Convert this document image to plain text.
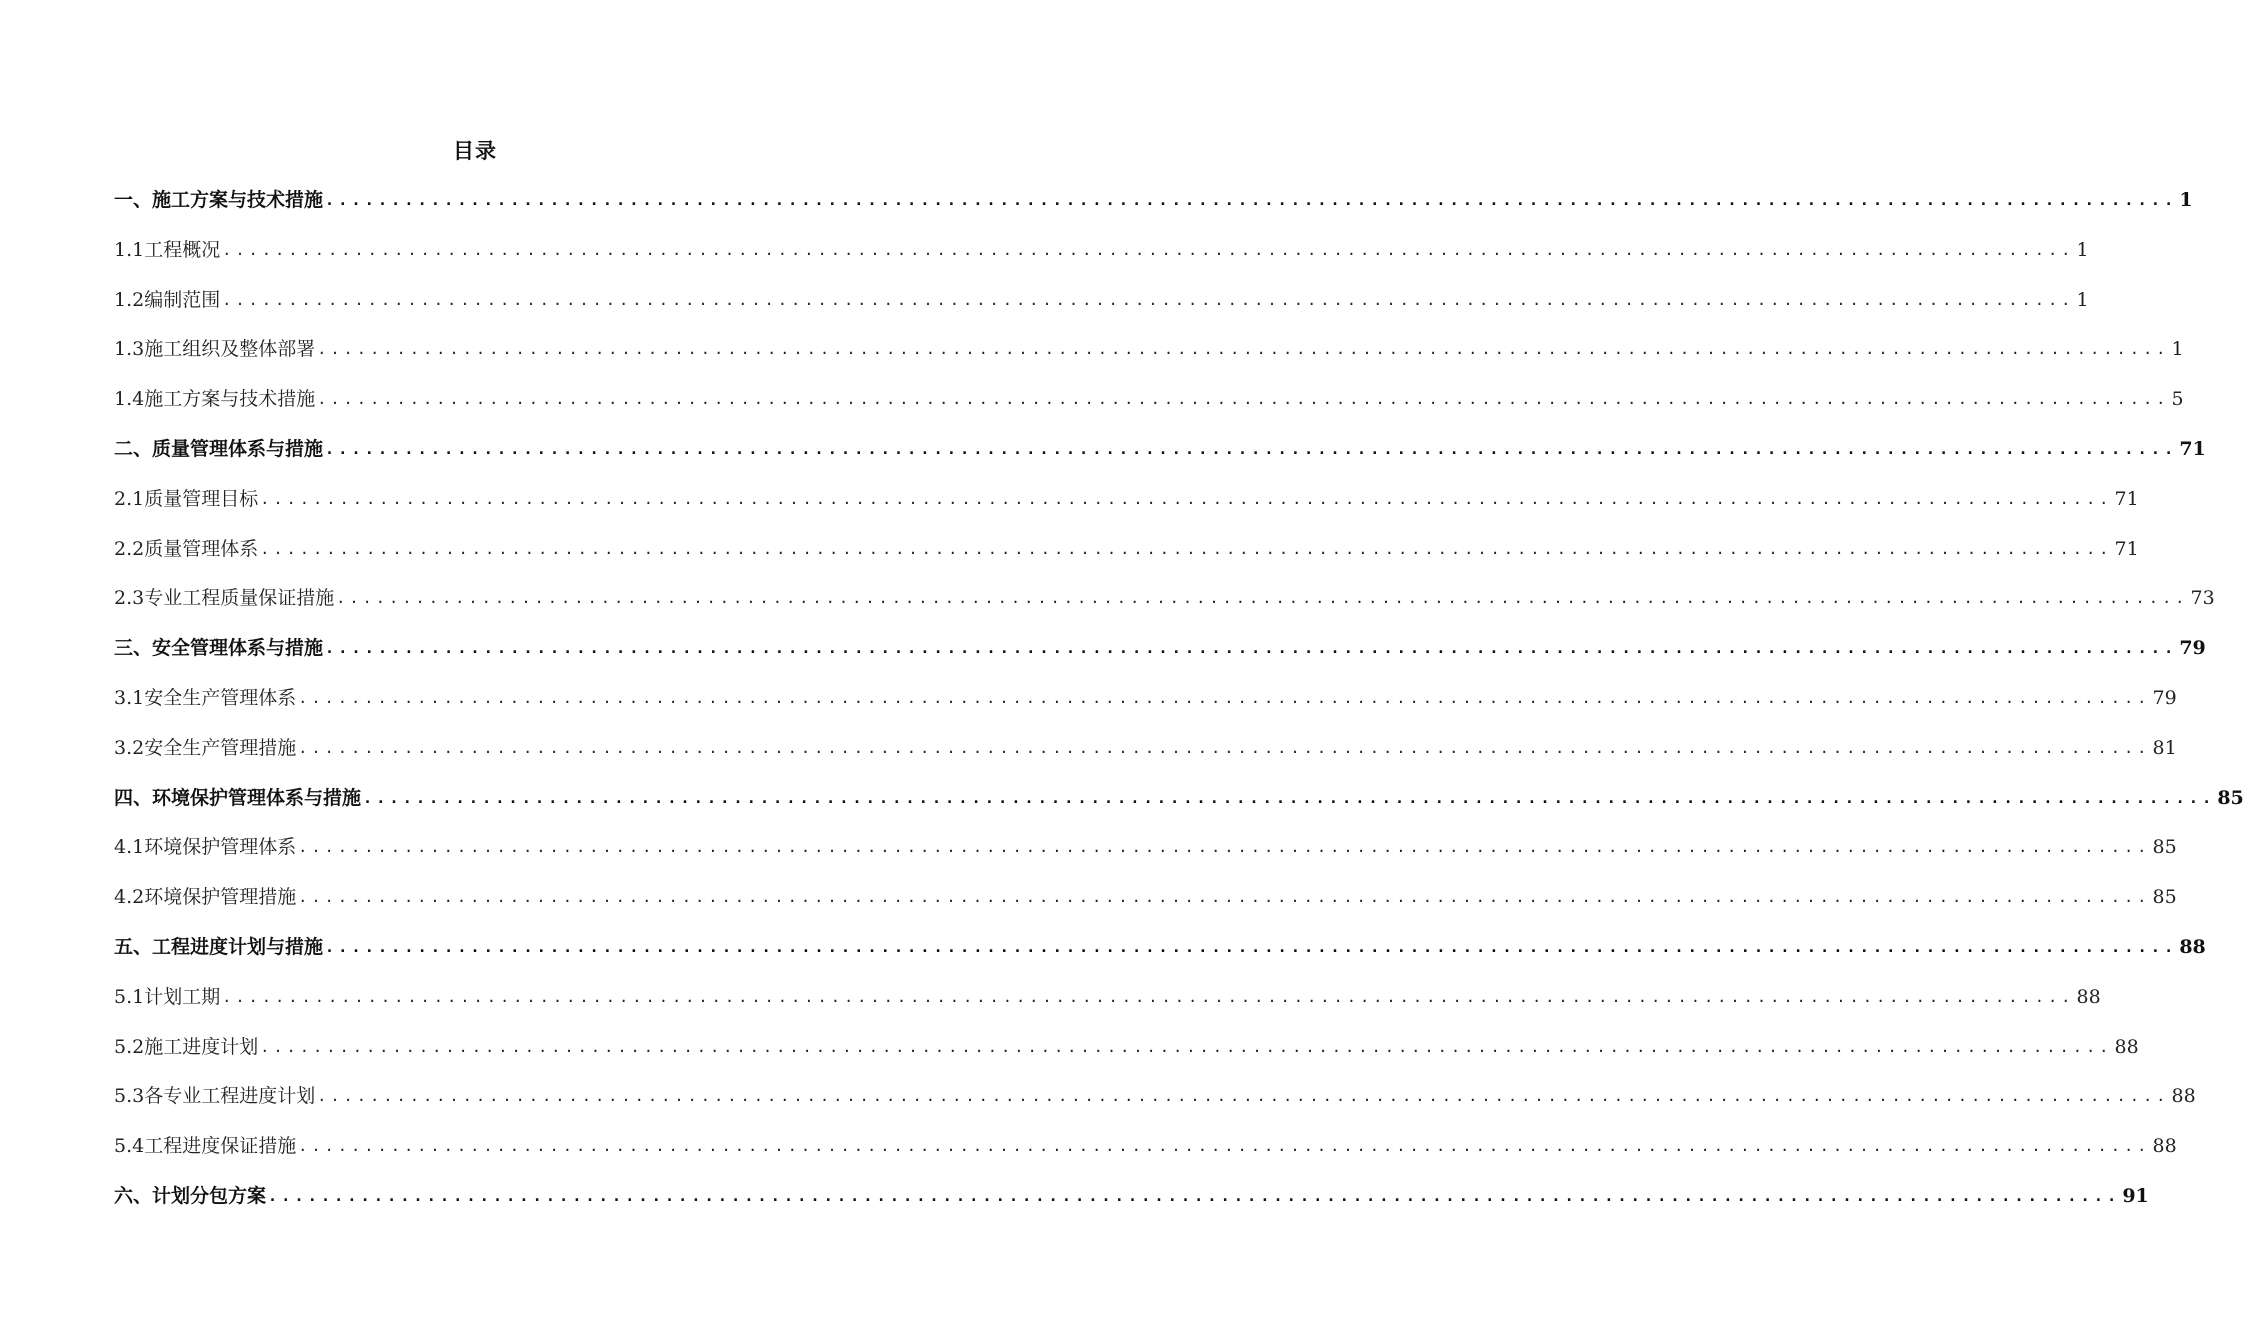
目录
一、施工方案与技术措施 ............................................................................................................................................ 1
1.1工程概况 ............................................................................................................................................ 1
1.2编制范围 ............................................................................................................................................ 1
1.3施工组织及整体部署 ............................................................................................................................................ 1
1.4施工方案与技术措施 ............................................................................................................................................ 5
二、质量管理体系与措施 ............................................................................................................................................ 71
2.1质量管理目标 ............................................................................................................................................ 71
2.2质量管理体系 ............................................................................................................................................ 71
2.3专业工程质量保证措施 ............................................................................................................................................ 73
三、安全管理体系与措施 ............................................................................................................................................ 79
3.1安全生产管理体系 ............................................................................................................................................ 79
3.2安全生产管理措施 ............................................................................................................................................ 81
四、环境保护管理体系与措施 ............................................................................................................................................ 85
4.1环境保护管理体系 ............................................................................................................................................ 85
4.2环境保护管理措施 ............................................................................................................................................ 85
五、工程进度计划与措施 ............................................................................................................................................ 88
5.1计划工期 ............................................................................................................................................ 88
5.2施工进度计划 ............................................................................................................................................ 88
5.3各专业工程进度计划 ............................................................................................................................................ 88
5.4工程进度保证措施 ............................................................................................................................................ 88
六、计划分包方案 ............................................................................................................................................ 91
